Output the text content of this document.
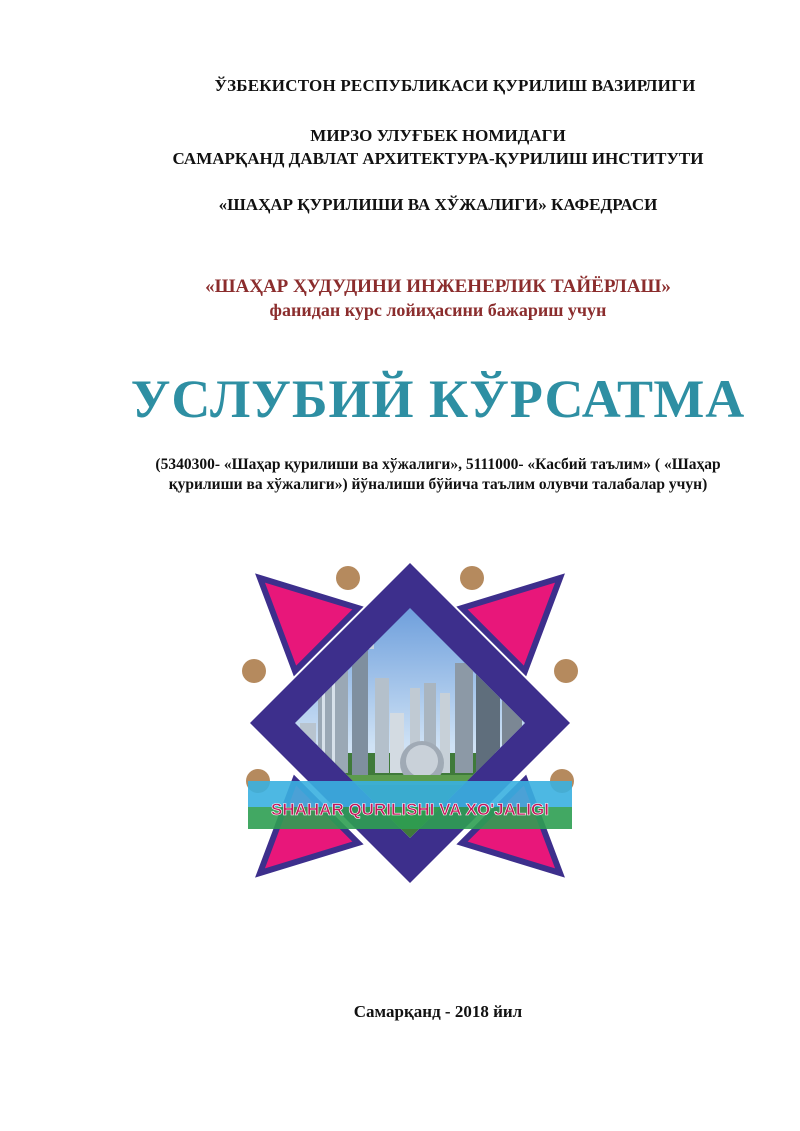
ЎЗБЕКИСТОН РЕСПУБЛИКАСИ ҚУРИЛИШ ВАЗИРЛИГИ
МИРЗО УЛУҒБЕК НОМИДАГИ
САМАРҚАНД ДАВЛАТ АРХИТЕКТУРА-ҚУРИЛИШ ИНСТИТУТИ
«ШАҲАР ҚУРИЛИШИ ВА ХЎЖАЛИГИ» КАФЕДРАСИ
«ШАҲАР ҲУДУДИНИ ИНЖЕНЕРЛИК ТАЙЁРЛАШ»
фанидан курс лойиҳасини бажариш учун
УСЛУБИЙ КЎРСАТМА
(5340300- «Шаҳар қурилиши ва хўжалиги», 5111000- «Касбий таълим» ( «Шаҳар
қурилиши ва хўжалиги») йўналиши бўйича таълим олувчи талабалар учун)
SHAHAR QURILISHI VA XO'JALIGI
Самарқанд - 2018 йил
